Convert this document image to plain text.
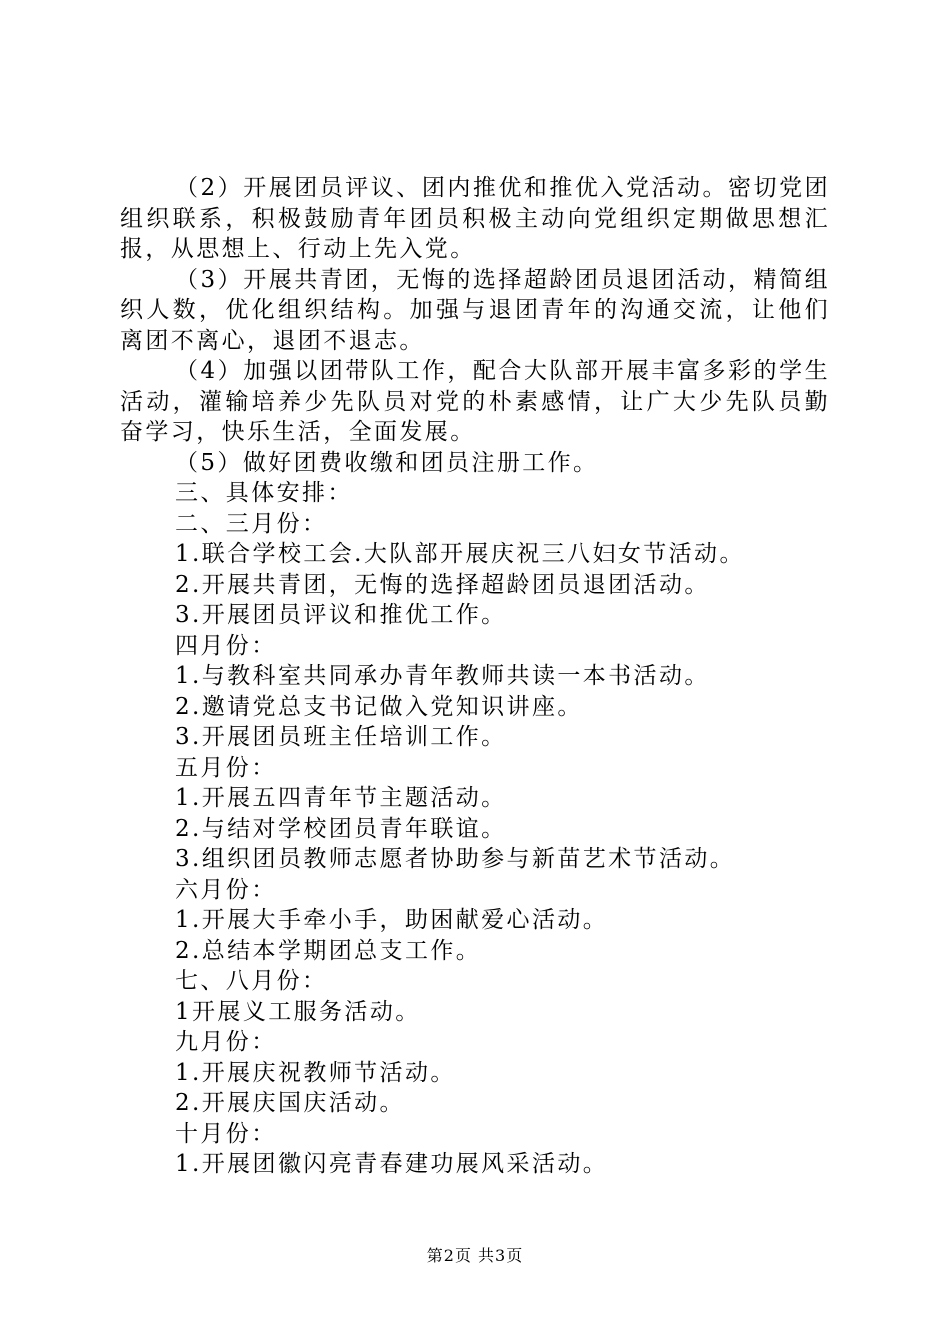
（2）开展团员评议、团内推优和推优入党活动。密切党团组织联系，积极鼓励青年团员积极主动向党组织定期做思想汇报，从思想上、行动上先入党。

（3）开展共青团，无悔的选择超龄团员退团活动，精简组织人数，优化组织结构。加强与退团青年的沟通交流，让他们离团不离心，退团不退志。

（4）加强以团带队工作，配合大队部开展丰富多彩的学生活动，灌输培养少先队员对党的朴素感情，让广大少先队员勤奋学习，快乐生活，全面发展。

（5）做好团费收缴和团员注册工作。

三、具体安排：

二、三月份：

1.联合学校工会.大队部开展庆祝三八妇女节活动。

2.开展共青团，无悔的选择超龄团员退团活动。

3.开展团员评议和推优工作。

四月份：

1.与教科室共同承办青年教师共读一本书活动。

2.邀请党总支书记做入党知识讲座。

3.开展团员班主任培训工作。

五月份：

1.开展五四青年节主题活动。

2.与结对学校团员青年联谊。

3.组织团员教师志愿者协助参与新苗艺术节活动。

六月份：

1.开展大手牵小手，助困献爱心活动。

2.总结本学期团总支工作。

七、八月份：

1开展义工服务活动。

九月份：

1.开展庆祝教师节活动。

2.开展庆国庆活动。

十月份：

1.开展团徽闪亮青春建功展风采活动。

第2页 共3页
